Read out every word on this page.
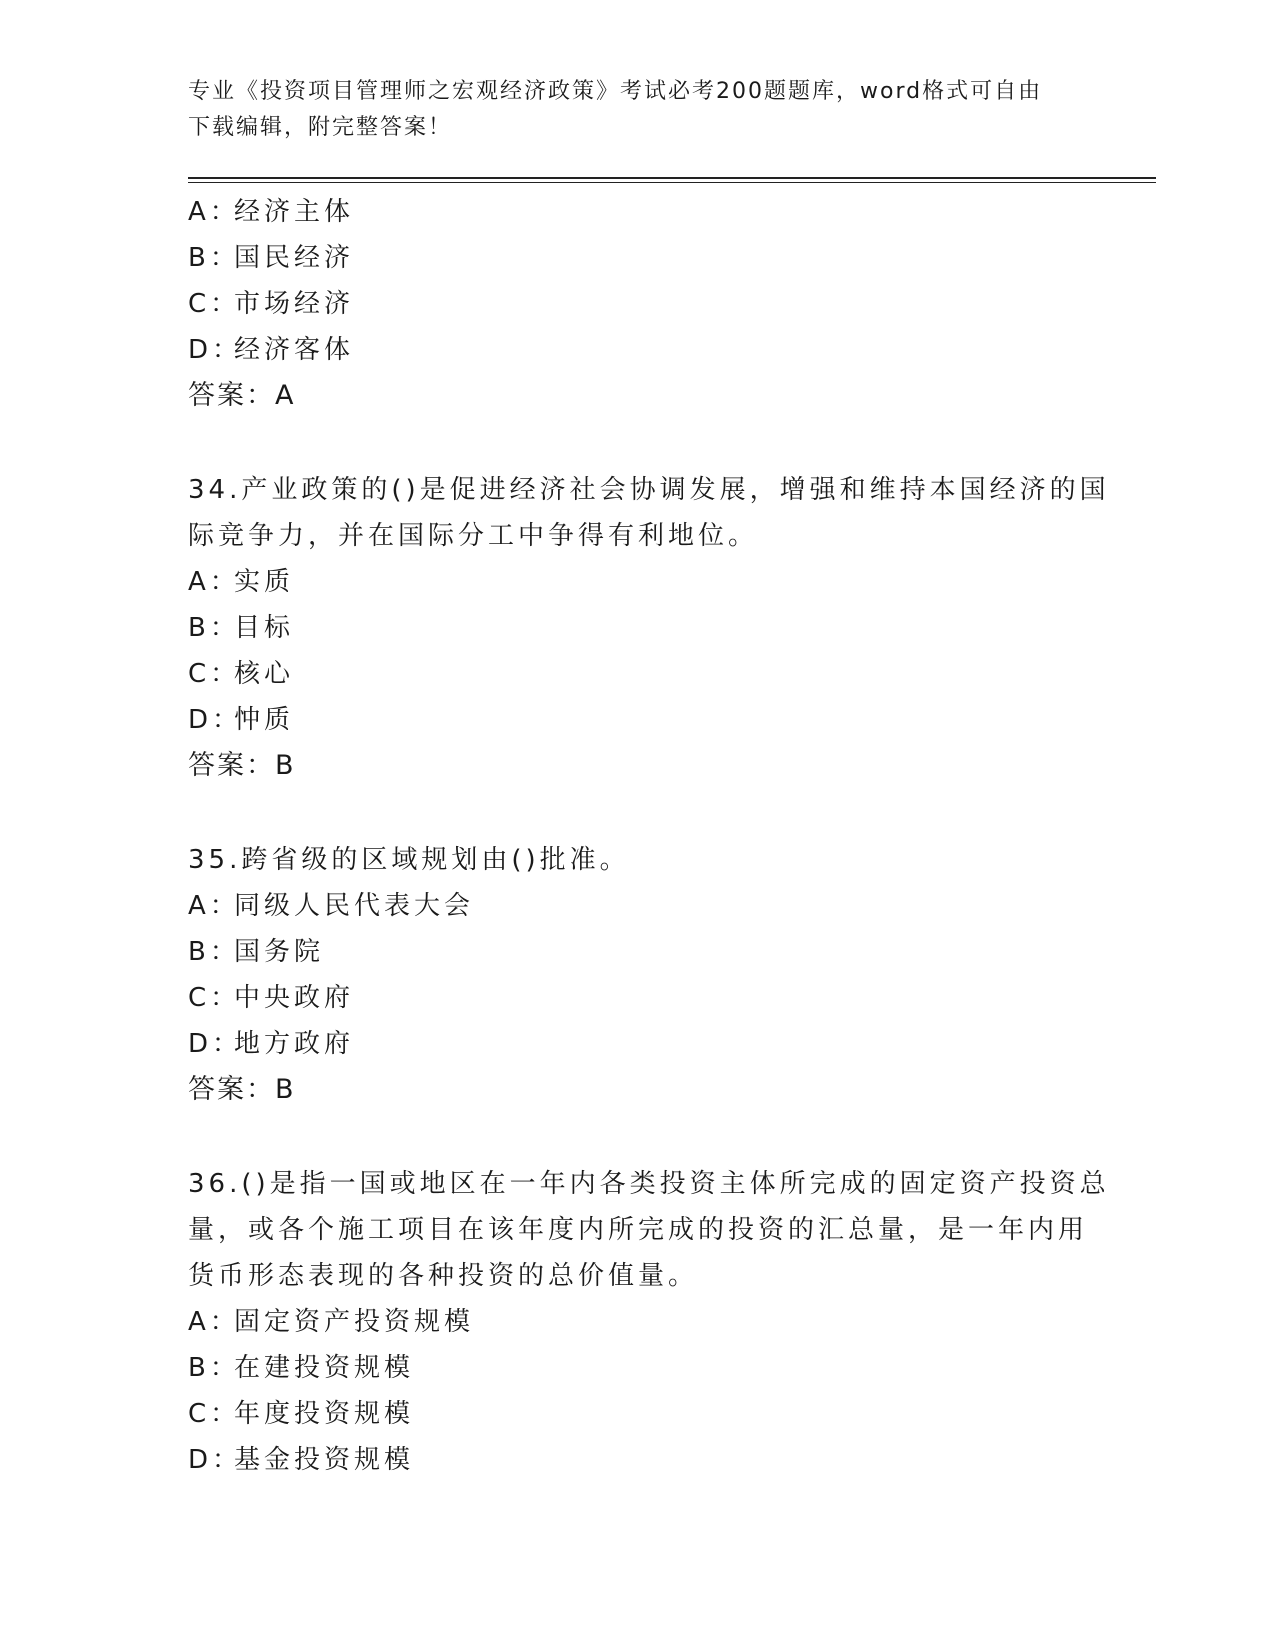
专业《投资项目管理师之宏观经济政策》考试必考200题题库，word格式可自由
下载编辑，附完整答案！
A：经济主体
B：国民经济
C：市场经济
D：经济客体
答案：A
34.产业政策的()是促进经济社会协调发展，增强和维持本国经济的国
际竞争力，并在国际分工中争得有利地位。
A：实质
B：目标
C：核心
D：忡质
答案：B
35.跨省级的区域规划由()批准。
A：同级人民代表大会
B：国务院
C：中央政府
D：地方政府
答案：B
36.()是指一国或地区在一年内各类投资主体所完成的固定资产投资总
量，或各个施工项目在该年度内所完成的投资的汇总量，是一年内用
货币形态表现的各种投资的总价值量。
A：固定资产投资规模
B：在建投资规模
C：年度投资规模
D：基金投资规模
